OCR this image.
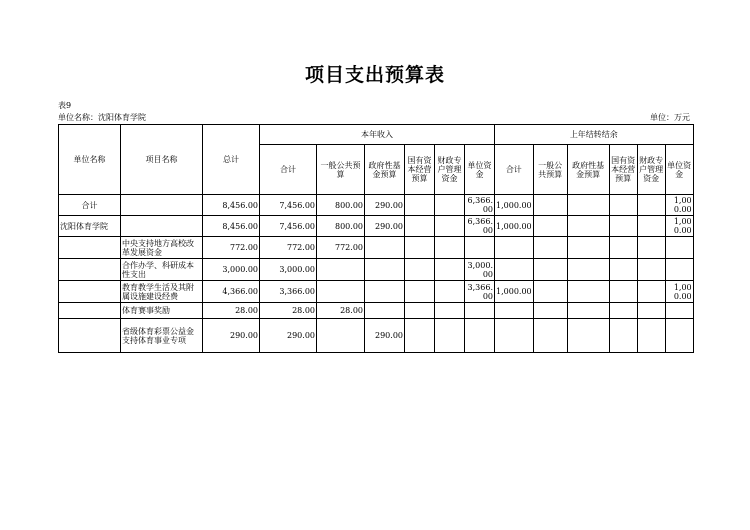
项目支出预算表
表9
单位名称：沈阳体育学院	单位：万元
单位名称	项目名称	总计	本年收入						上年结转结余					
			合计	一般公共预算	政府性基金预算	国有资本经营预算	财政专户管理资金	单位资金	合计	一般公共预算	政府性基金预算	国有资本经营预算	财政专户管理资金	单位资金
合计		8,456.00	7,456.00	800.00	290.00			6,366.00	1,000.00					1,000.00
沈阳体育学院		8,456.00	7,456.00	800.00	290.00			6,366.00	1,000.00					1,000.00
	中央支持地方高校改革发展资金	772.00	772.00	772.00										
	合作办学、科研成本性支出	3,000.00	3,000.00					3,000.00						
	教育教学生活及其附属设施建设经费	4,366.00	3,366.00					3,366.00	1,000.00					1,000.00
	体育赛事奖励	28.00	28.00	28.00										
	省级体育彩票公益金支持体育事业专项	290.00	290.00		290.00									
